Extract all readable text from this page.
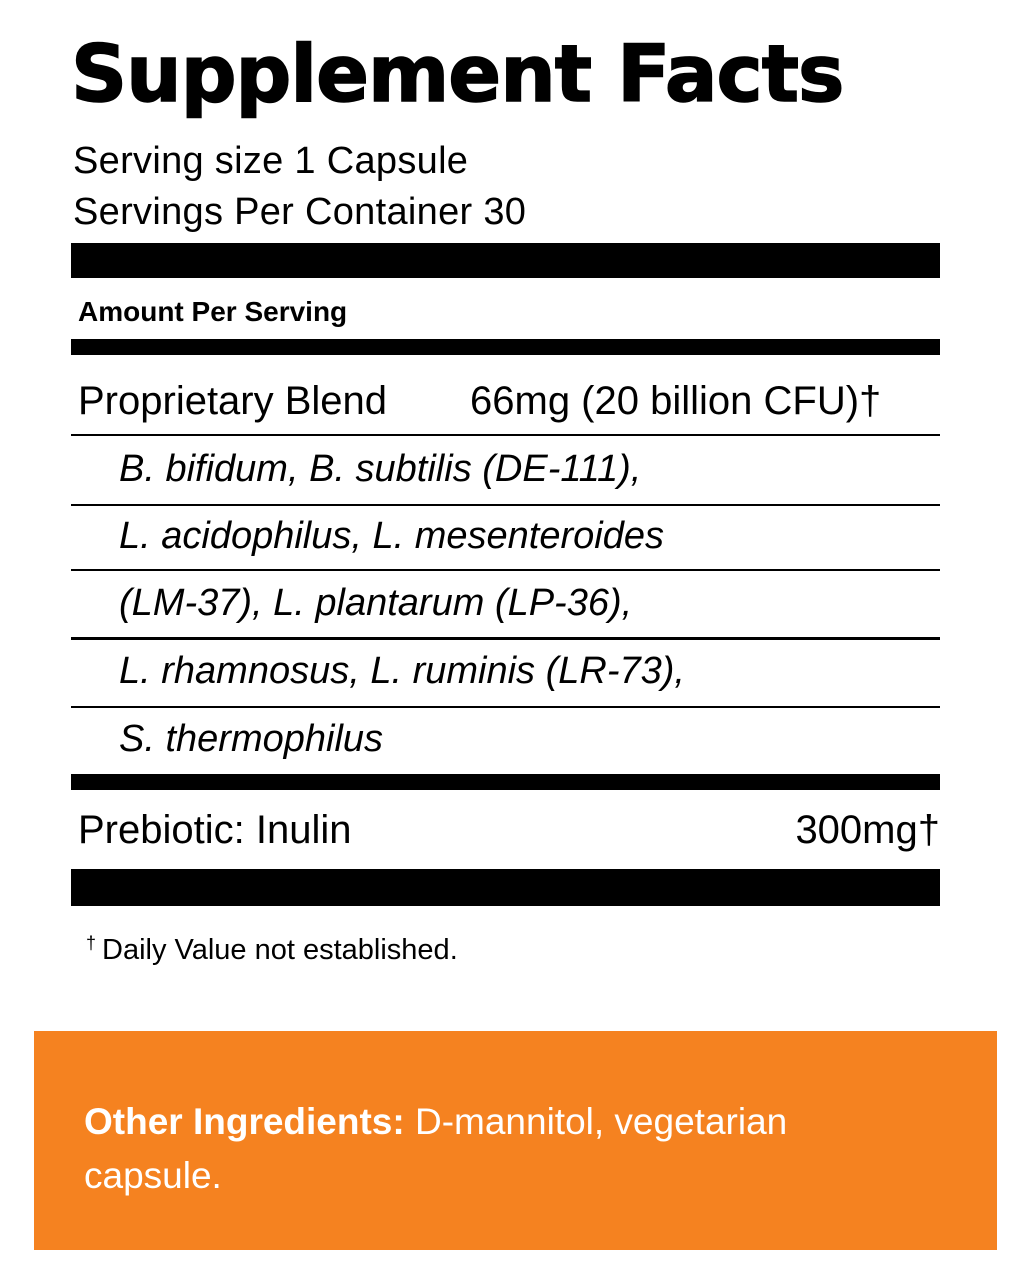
Supplement Facts
Serving size 1 Capsule
Servings Per Container 30
Amount Per Serving
Proprietary Blend 66mg (20 billion CFU)†
B. bifidum, B. subtilis (DE-111),
L. acidophilus, L. mesenteroides
(LM-37), L. plantarum (LP-36),
L. rhamnosus, L. ruminis (LR-73),
S. thermophilus
Prebiotic: Inulin	300mg†
† Daily Value not established.
Other Ingredients: D-mannitol, vegetarian capsule.
